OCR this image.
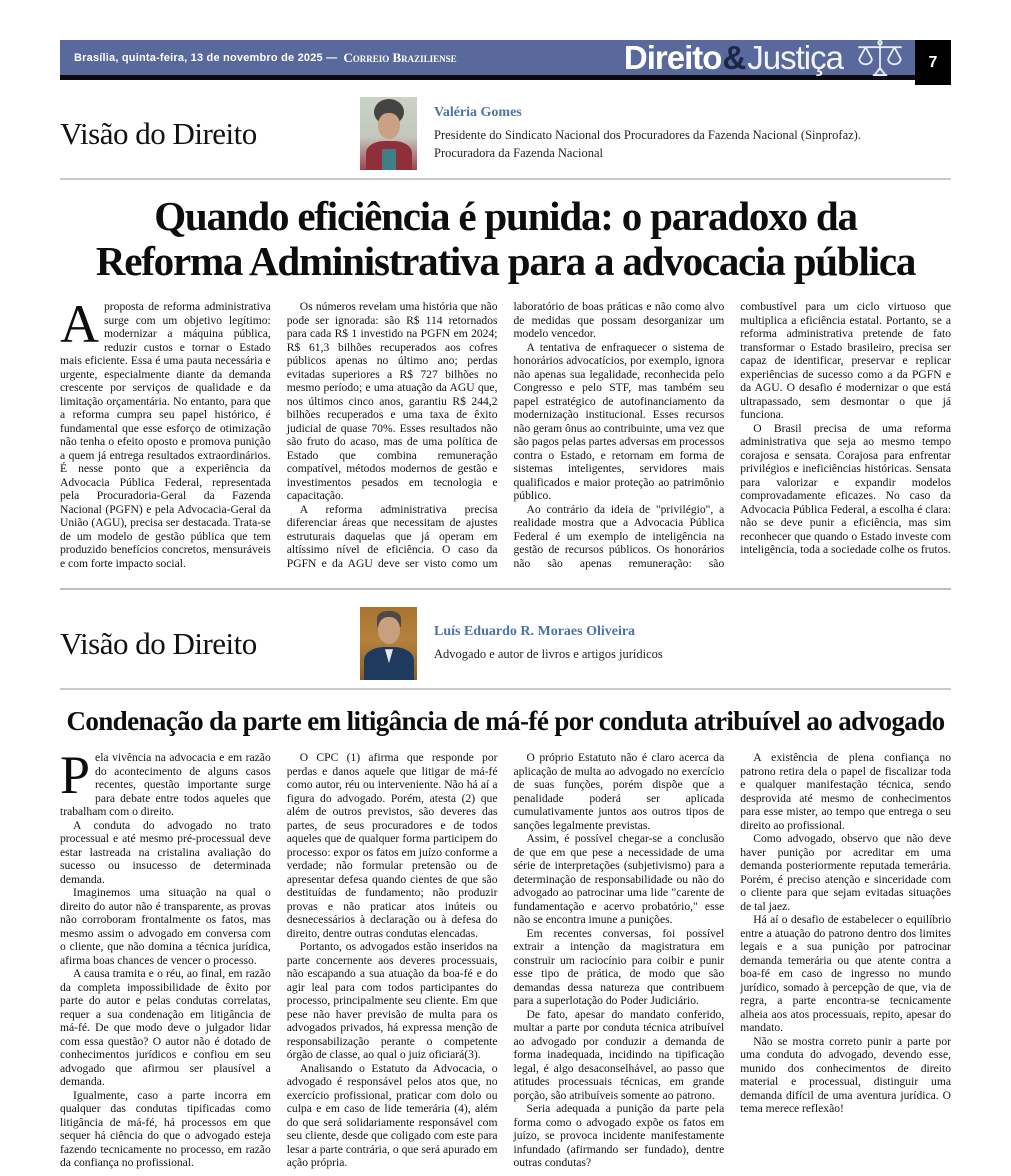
Brasília, quinta-feira, 13 de novembro de 2025 — Correio Braziliense	Direito & Justiça	7
Visão do Direito
Valéria Gomes
Presidente do Sindicato Nacional dos Procuradores da Fazenda Nacional (Sinprofaz). Procuradora da Fazenda Nacional
Quando eficiência é punida: o paradoxo da Reforma Administrativa para a advocacia pública

Aproposta de reforma administrativa surge com um objetivo legítimo: modernizar a máquina pública, reduzir custos e tornar o Estado mais eficiente. Essa é uma pauta necessária e urgente, especialmente diante da demanda crescente por serviços de qualidade e da limitação orçamentária. No entanto, para que a reforma cumpra seu papel histórico, é fundamental que esse esforço de otimização não tenha o efeito oposto e promova punição a quem já entrega resultados extraordinários. É nesse ponto que a experiência da Advocacia Pública Federal, representada pela Procuradoria-Geral da Fazenda Nacional (PGFN) e pela Advocacia-Geral da União (AGU), precisa ser destacada. Trata-se de um modelo de gestão pública que tem produzido benefícios concretos, mensuráveis e com forte impacto social.

Os números revelam uma história que não pode ser ignorada: são R$ 114 retornados para cada R$ 1 investido na PGFN em 2024; R$ 61,3 bilhões recuperados aos cofres públicos apenas no último ano; perdas evitadas superiores a R$ 727 bilhões no mesmo período; e uma atuação da AGU que, nos últimos cinco anos, garantiu R$ 244,2 bilhões recuperados e uma taxa de êxito judicial de quase 70%. Esses resultados não são fruto do acaso, mas de uma política de Estado que combina remuneração compatível, métodos modernos de gestão e investimentos pesados em tecnologia e capacitação.

A reforma administrativa precisa diferenciar áreas que necessitam de ajustes estruturais daquelas que já operam em altíssimo nível de eficiência. O caso da PGFN e da AGU deve ser visto como um laboratório de boas práticas e não como alvo de medidas que possam desorganizar um modelo vencedor.

A tentativa de enfraquecer o sistema de honorários advocatícios, por exemplo, ignora não apenas sua legalidade, reconhecida pelo Congresso e pelo STF, mas também seu papel estratégico de autofinanciamento da modernização institucional. Esses recursos não geram ônus ao contribuinte, uma vez que são pagos pelas partes adversas em processos contra o Estado, e retornam em forma de sistemas inteligentes, servidores mais qualificados e maior proteção ao patrimônio público.

Ao contrário da ideia de "privilégio", a realidade mostra que a Advocacia Pública Federal é um exemplo de inteligência na gestão de recursos públicos. Os honorários não são apenas remuneração: são combustível para um ciclo virtuoso que multiplica a eficiência estatal. Portanto, se a reforma administrativa pretende de fato transformar o Estado brasileiro, precisa ser capaz de identificar, preservar e replicar experiências de sucesso como a da PGFN e da AGU. O desafio é modernizar o que está ultrapassado, sem desmontar o que já funciona.

O Brasil precisa de uma reforma administrativa que seja ao mesmo tempo corajosa e sensata. Corajosa para enfrentar privilégios e ineficiências históricas. Sensata para valorizar e expandir modelos comprovadamente eficazes. No caso da Advocacia Pública Federal, a escolha é clara: não se deve punir a eficiência, mas sim reconhecer que quando o Estado investe com inteligência, toda a sociedade colhe os frutos.

Visão do Direito	Luís Eduardo R. Moraes Oliveira
Advogado e autor de livros e artigos jurídicos
Condenação da parte em litigância de má-fé por conduta atribuível ao advogado

Pela vivência na advocacia e em razão do acontecimento de alguns casos recentes, questão importante surge para debate entre todos aqueles que trabalham com o direito.

A conduta do advogado no trato processual e até mesmo pré-processual deve estar lastreada na cristalina avaliação do sucesso ou insucesso de determinada demanda.

Imaginemos uma situação na qual o direito do autor não é transparente, as provas não corroboram frontalmente os fatos, mas mesmo assim o advogado em conversa com o cliente, que não domina a técnica jurídica, afirma boas chances de vencer o processo.

A causa tramita e o réu, ao final, em razão da completa impossibilidade de êxito por parte do autor e pelas condutas correlatas, requer a sua condenação em litigância de má-fé. De que modo deve o julgador lidar com essa questão? O autor não é dotado de conhecimentos jurídicos e confiou em seu advogado que afirmou ser plausível a demanda.

Igualmente, caso a parte incorra em qualquer das condutas tipificadas como litigância de má-fé, há processos em que sequer há ciência do que o advogado esteja fazendo tecnicamente no processo, em razão da confiança no profissional.

O CPC (1) afirma que responde por perdas e danos aquele que litigar de má-fé como autor, réu ou interveniente. Não há aí a figura do advogado. Porém, atesta (2) que além de outros previstos, são deveres das partes, de seus procuradores e de todos aqueles que de qualquer forma participem do processo: expor os fatos em juízo conforme a verdade; não formular pretensão ou de apresentar defesa quando cientes de que são destituídas de fundamento; não produzir provas e não praticar atos inúteis ou desnecessários à declaração ou à defesa do direito, dentre outras condutas elencadas.

Portanto, os advogados estão inseridos na parte concernente aos deveres processuais, não escapando a sua atuação da boa-fé e do agir leal para com todos participantes do processo, principalmente seu cliente. Em que pese não haver previsão de multa para os advogados privados, há expressa menção de responsabilização perante o competente órgão de classe, ao qual o juiz oficiará(3).

Analisando o Estatuto da Advocacia, o advogado é responsável pelos atos que, no exercício profissional, praticar com dolo ou culpa e em caso de lide temerária (4), além do que será solidariamente responsável com seu cliente, desde que coligado com este para lesar a parte contrária, o que será apurado em ação própria.

O próprio Estatuto não é claro acerca da aplicação de multa ao advogado no exercício de suas funções, porém dispõe que a penalidade poderá ser aplicada cumulativamente juntos aos outros tipos de sanções legalmente previstas.

Assim, é possível chegar-se a conclusão de que em que pese a necessidade de uma série de interpretações (subjetivismo) para a determinação de responsabilidade ou não do advogado ao patrocinar uma lide "carente de fundamentação e acervo probatório," esse não se encontra imune a punições.

Em recentes conversas, foi possível extrair a intenção da magistratura em construir um raciocínio para coibir e punir esse tipo de prática, de modo que são demandas dessa natureza que contribuem para a superlotação do Poder Judiciário.

De fato, apesar do mandato conferido, multar a parte por conduta técnica atribuível ao advogado por conduzir a demanda de forma inadequada, incidindo na tipificação legal, é algo desaconselhável, ao passo que atitudes processuais técnicas, em grande porção, são atribuíveis somente ao patrono.

Seria adequada a punição da parte pela forma como o advogado expõe os fatos em juízo, se provoca incidente manifestamente infundado (afirmando ser fundado), dentre outras condutas?

A existência de plena confiança no patrono retira dela o papel de fiscalizar toda e qualquer manifestação técnica, sendo desprovida até mesmo de conhecimentos para esse mister, ao tempo que entrega o seu direito ao profissional.

Como advogado, observo que não deve haver punição por acreditar em uma demanda posteriormente reputada temerária. Porém, é preciso atenção e sinceridade com o cliente para que sejam evitadas situações de tal jaez.

Há aí o desafio de estabelecer o equilíbrio entre a atuação do patrono dentro dos limites legais e a sua punição por patrocinar demanda temerária ou que atente contra a boa-fé em caso de ingresso no mundo jurídico, somado à percepção de que, via de regra, a parte encontra-se tecnicamente alheia aos atos processuais, repito, apesar do mandato.

Não se mostra correto punir a parte por uma conduta do advogado, devendo esse, munido dos conhecimentos de direito material e processual, distinguir uma demanda difícil de uma aventura jurídica. O tema merece reflexão!
